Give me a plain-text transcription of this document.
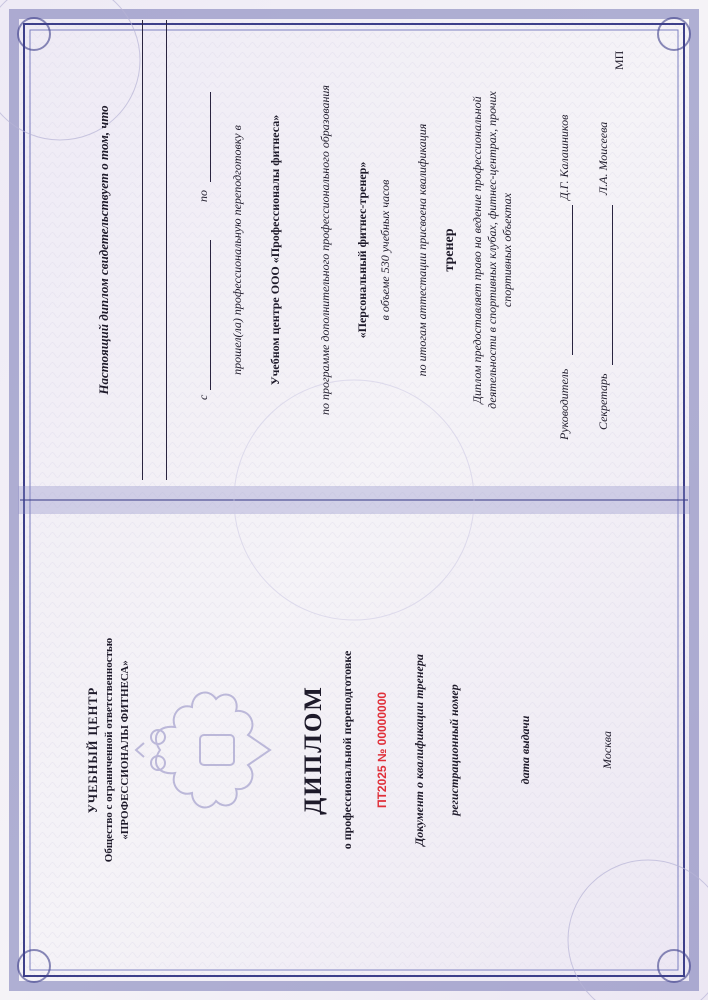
УЧЕБНЫЙ ЦЕНТР Общество с ограниченной ответственностью «ПРОФЕССИОНАЛЫ ФИТНЕСА»	ДИПЛОМ о профессиональной переподготовке ПТ2025 № 00000000 Документ о квалификации тренера регистрационный номер	дата выдачи	Москва
Настоящий диплом свидетельствует о том, что
с
по прошел(ла) профессиональную переподготовку в Учебном центре ООО «Профессионалы фитнеса»	по программе дополнительного профессионального образования «Персональный фитнес-тренер» в объеме 530 учебных часов по итогам аттестации присвоена квалификация тренер Диплом предоставляет право на ведение профессиональной деятельности в спортивных клубах, фитнес-центрах, прочих спортивных объектах
Руководитель
Д.Г. Калашников
Секретарь
Л.А. Моисеева
МП
